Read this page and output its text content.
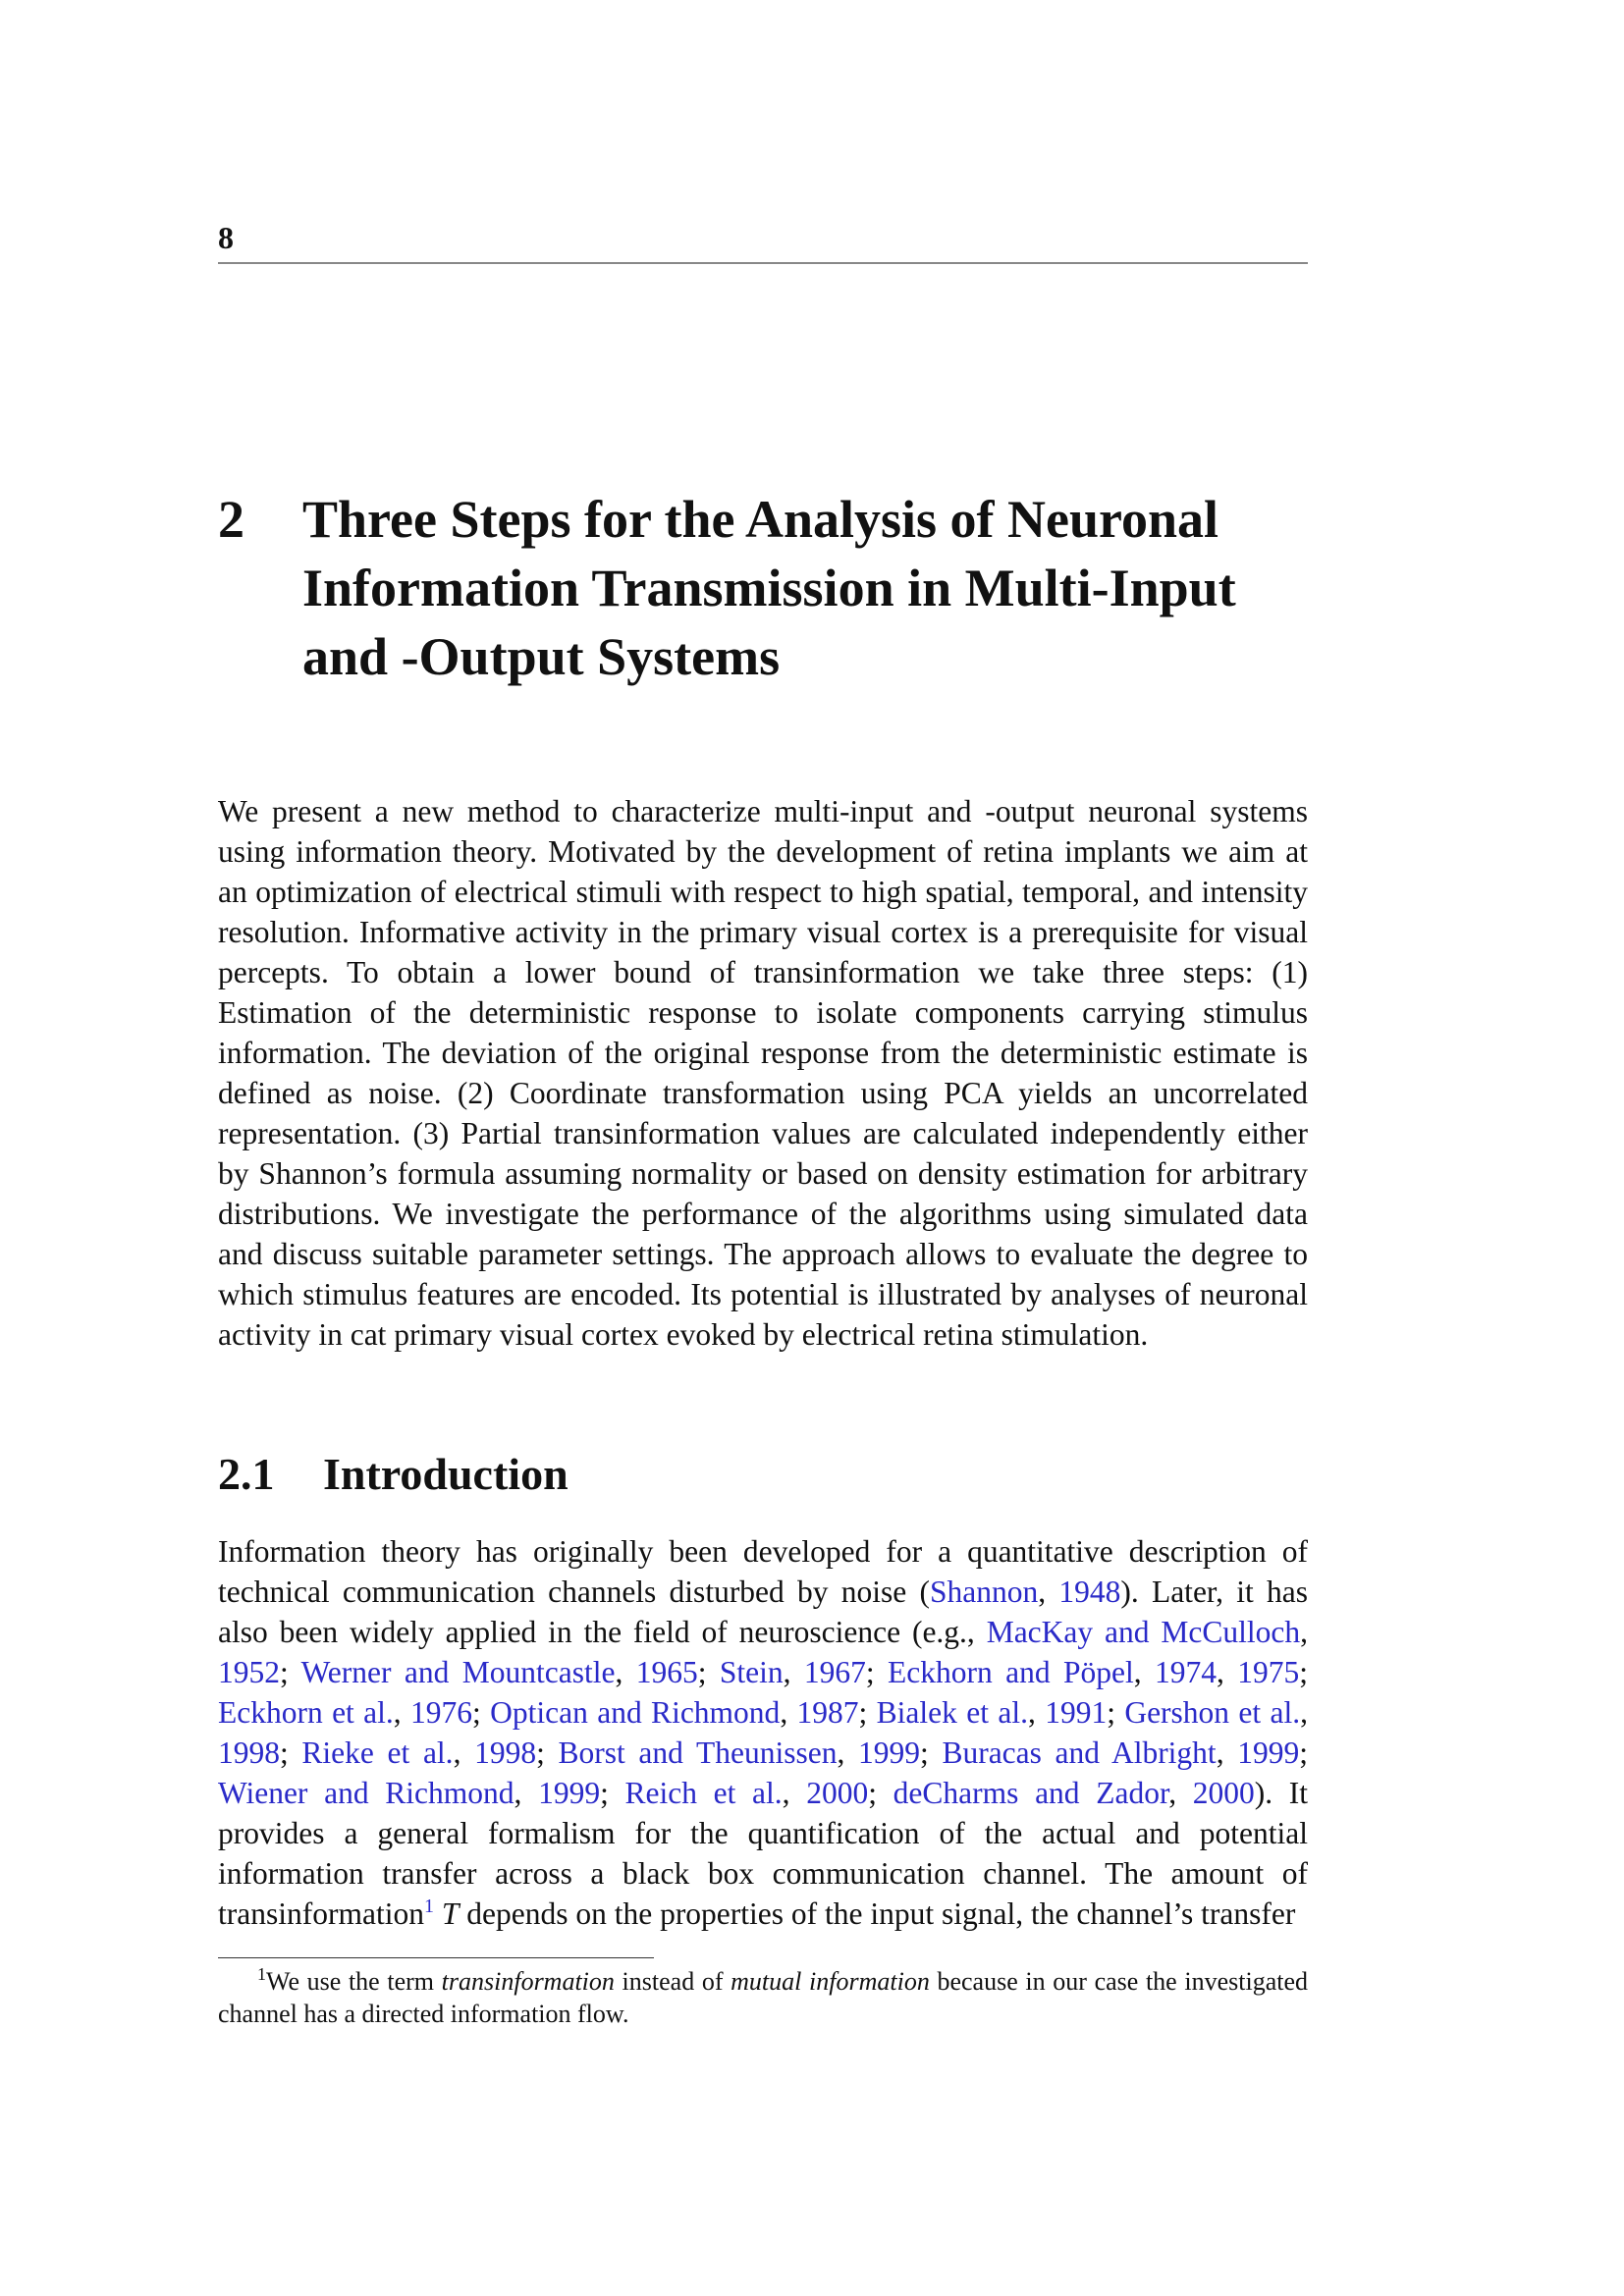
8
2 Three Steps for the Analysis of Neuronal Information Transmission in Multi-Input and -Output Systems

We present a new method to characterize multi-input and -output neuronal systems using information theory. Motivated by the development of retina implants we aim at an optimization of electrical stimuli with respect to high spatial, temporal, and intensity resolution. Informative activity in the primary visual cortex is a prerequisite for visual percepts. To obtain a lower bound of transinformation we take three steps: (1) Estimation of the deterministic response to isolate components carrying stimulus information. The deviation of the original response from the deterministic estimate is defined as noise. (2) Coordinate transformation using PCA yields an uncorrelated representation. (3) Partial transinformation values are calculated independently either by Shannon’s formula assuming normality or based on density estimation for arbitrary distributions. We investigate the performance of the algorithms using simulated data and discuss suitable parameter settings. The approach allows to evaluate the degree to which stimulus features are encoded. Its potential is illustrated by analyses of neuronal activity in cat primary visual cortex evoked by electrical retina stimulation.

2.1 Introduction

Information theory has originally been developed for a quantitative description of technical communication channels disturbed by noise (Shannon, 1948). Later, it has also been widely applied in the field of neuroscience (e.g., MacKay and McCulloch, 1952; Werner and Mountcastle, 1965; Stein, 1967; Eckhorn and Pöpel, 1974, 1975; Eckhorn et al., 1976; Optican and Richmond, 1987; Bialek et al., 1991; Gershon et al., 1998; Rieke et al., 1998; Borst and Theunissen, 1999; Buracas and Albright, 1999; Wiener and Richmond, 1999; Reich et al., 2000; deCharms and Zador, 2000). It provides a general formalism for the quantification of the actual and potential information transfer across a black box communication channel. The amount of transinformation$^1$ T depends on the properties of the input signal, the channel’s transfer

$^1$We use the term transinformation instead of mutual information because in our case the investigated channel has a directed information flow.
